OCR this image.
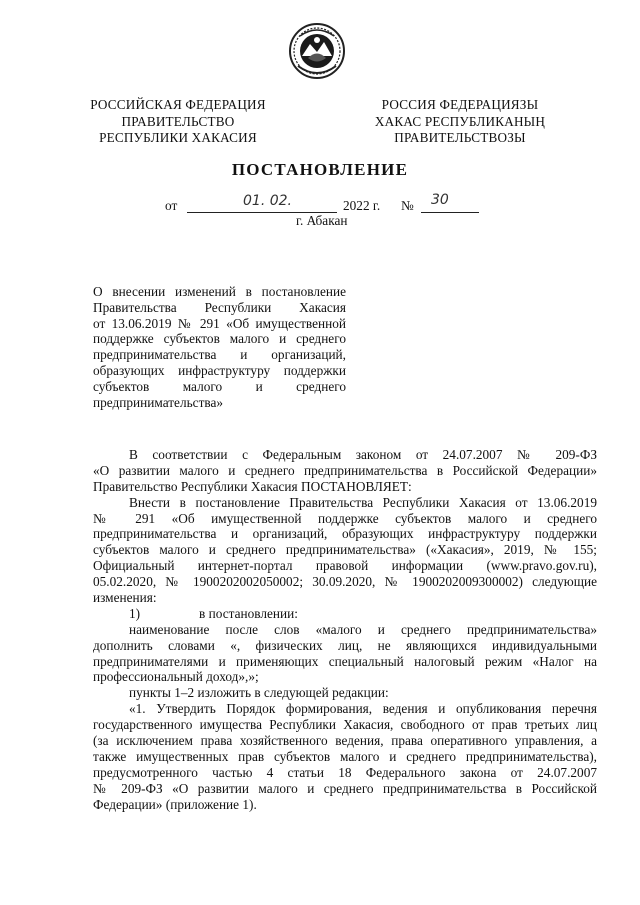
РОССИЙСКАЯ ФЕДЕРАЦИЯ
ПРАВИТЕЛЬСТВО
РЕСПУБЛИКИ ХАКАСИЯ
РОССИЯ ФЕДЕРАЦИЯЗЫ
ХАКАС РЕСПУБЛИКАНЫҢ
ПРАВИТЕЛЬСТВОЗЫ
ПОСТАНОВЛЕНИЕ
от	01. 02.	2022 г. № 30
г. Абакан
О внесении изменений в постановление
Правительства Республики Хакасия
от 13.06.2019 № 291 «Об имущественной
поддержке субъектов малого и среднего
предпринимательства и организаций,
образующих инфраструктуру поддержки
субъектов малого и среднего
предпринимательства»
В соответствии с Федеральным законом от 24.07.2007 № 209-ФЗ
«О развитии малого и среднего предпринимательства в Российской Федерации»
Правительство Республики Хакасия ПОСТАНОВЛЯЕТ:
Внести в постановление Правительства Республики Хакасия от 13.06.2019
№ 291 «Об имущественной поддержке субъектов малого и среднего
предпринимательства и организаций, образующих инфраструктуру поддержки
субъектов малого и среднего предпринимательства» («Хакасия», 2019, № 155;
Официальный интернет-портал правовой информации (www.pravo.gov.ru),
05.02.2020, № 1900202002050002; 30.09.2020, № 1900202009300002) следующие
изменения:
1)	в постановлении:
наименование после слов «малого и среднего предпринимательства»
дополнить словами «, физических лиц, не являющихся индивидуальными
предпринимателями и применяющих специальный налоговый режим «Налог на
профессиональный доход»,»;
пункты 1–2 изложить в следующей редакции:
«1. Утвердить Порядок формирования, ведения и опубликования перечня
государственного имущества Республики Хакасия, свободного от прав третьих лиц
(за исключением права хозяйственного ведения, права оперативного управления, а
также имущественных прав субъектов малого и среднего предпринимательства),
предусмотренного частью 4 статьи 18 Федерального закона от 24.07.2007
№ 209-ФЗ «О развитии малого и среднего предпринимательства в Российской
Федерации» (приложение 1).
